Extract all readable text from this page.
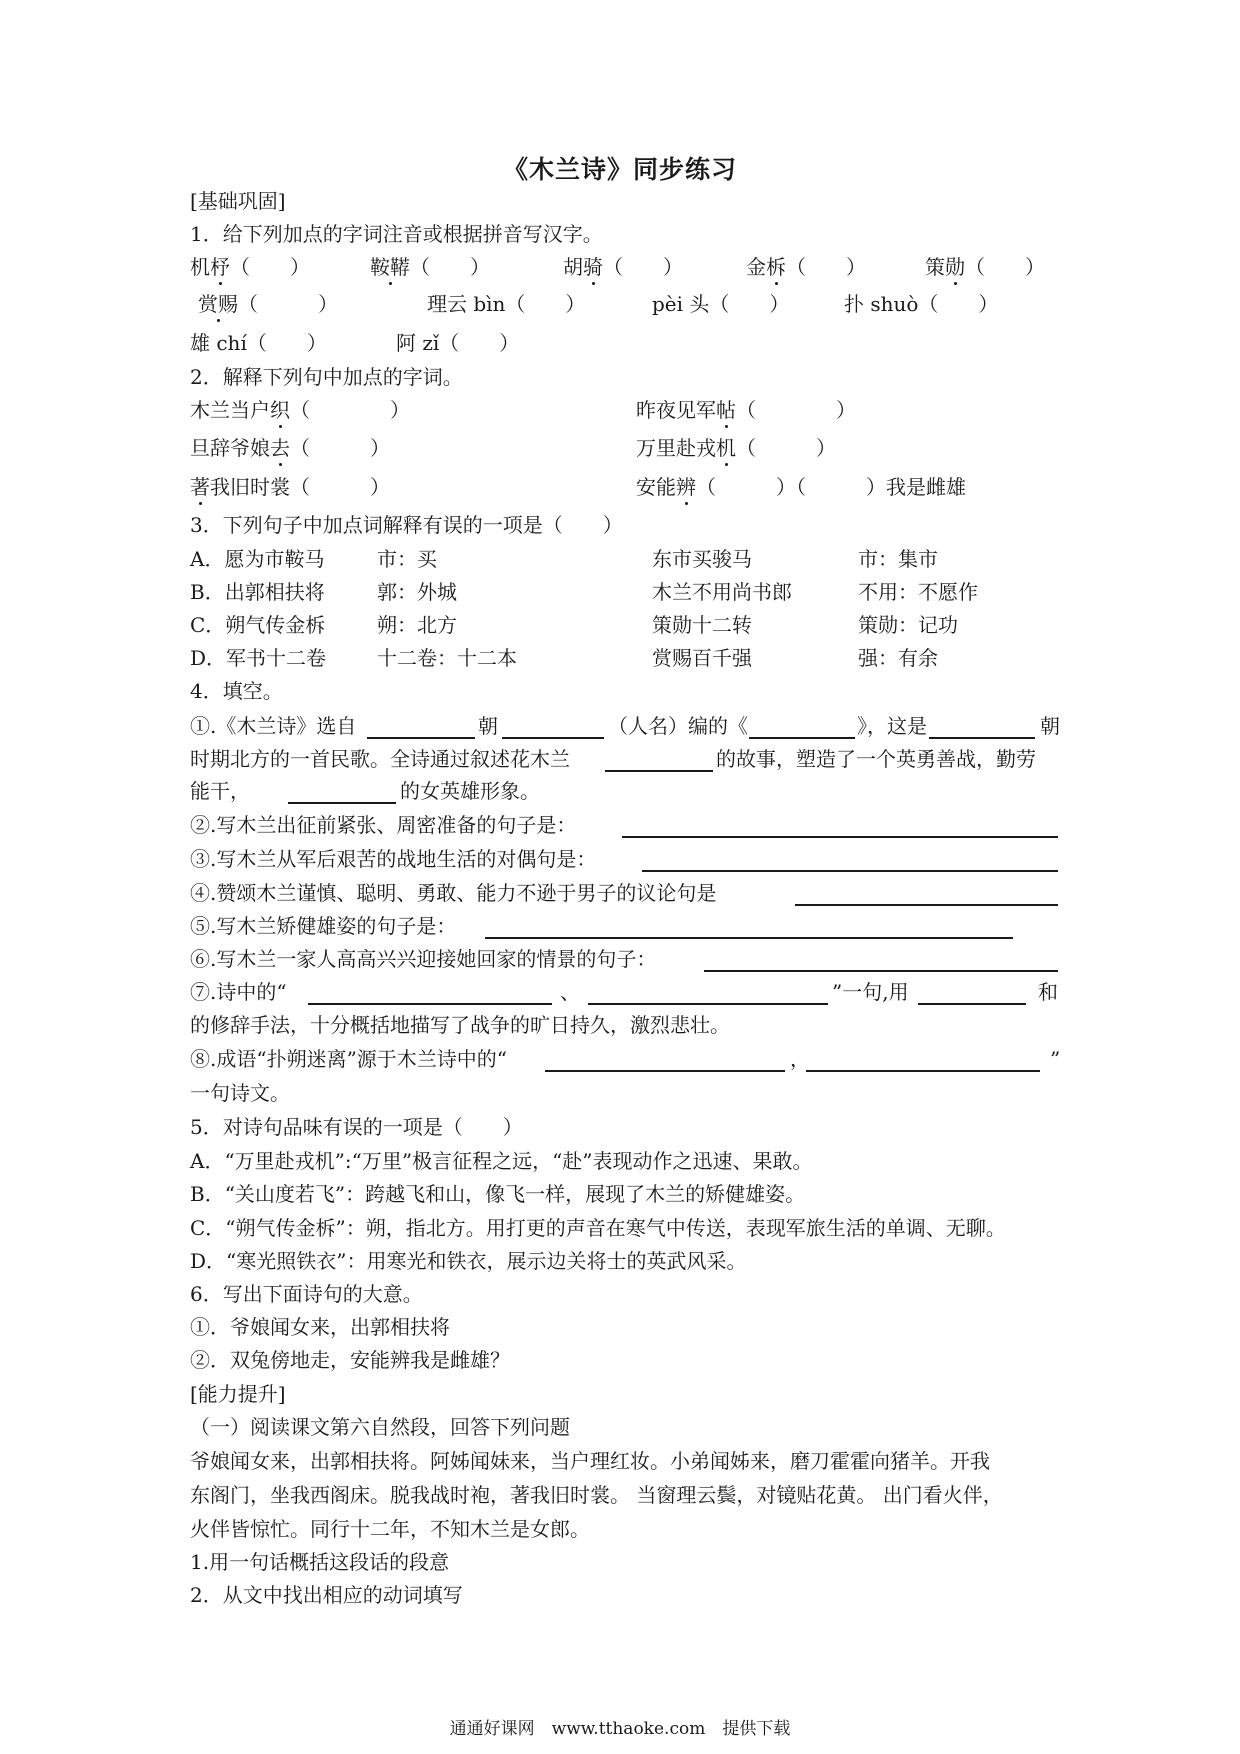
《木兰诗》同步练习
[基础巩固]
1．给下列加点的字词注音或根据拼音写汉字。
机杼（　　）	鞍鞯（　　）	胡骑（　　）	金柝（　　）	策勋（　　）
赏赐（　　　）	理云 bìn（　　）	pèi 头（　　）	扑 shuò（　　）
雄 chí（　　）	阿 zǐ（　　）
2．解释下列句中加点的字词。
木兰当户织（　　　　）	昨夜见军帖（　　　　）
旦辞爷娘去（　　　）	万里赴戎机（　　　）
著我旧时裳（　　　）	安能辨（　　　）（　　　）我是雌雄
3．下列句子中加点词解释有误的一项是（　　）
A．愿为市鞍马	市：买	东市买骏马	市：集市
B．出郭相扶将	郭：外城	木兰不用尚书郎	不用：不愿作
C．朔气传金柝	朔：北方	策勋十二转	策勋：记功
D．军书十二卷	十二卷：十二本	赏赐百千强	强：有余
4．填空。
①.《木兰诗》选自	朝	（人名）编的《	》，这是	朝
时期北方的一首民歌。全诗通过叙述花木兰	的故事，塑造了一个英勇善战，勤劳
能干，	的女英雄形象。
②.写木兰出征前紧张、周密准备的句子是：
③.写木兰从军后艰苦的战地生活的对偶句是：
④.赞颂木兰谨慎、聪明、勇敢、能力不逊于男子的议论句是
⑤.写木兰矫健雄姿的句子是：
⑥.写木兰一家人高高兴兴迎接她回家的情景的句子：
⑦.诗中的“	、	”一句,用	和
的修辞手法，十分概括地描写了战争的旷日持久，激烈悲壮。
⑧.成语“扑朔迷离”源于木兰诗中的“	，	”
一句诗文。
5．对诗句品味有误的一项是（　　）
A．“万里赴戎机”:“万里”极言征程之远，“赴”表现动作之迅速、果敢。
B．“关山度若飞”：跨越飞和山，像飞一样，展现了木兰的矫健雄姿。
C．“朔气传金柝”：朔，指北方。用打更的声音在寒气中传送，表现军旅生活的单调、无聊。
D．“寒光照铁衣”：用寒光和铁衣，展示边关将士的英武风采。
6．写出下面诗句的大意。
①．爷娘闻女来，出郭相扶将
②．双兔傍地走，安能辨我是雌雄？
[能力提升]
（一）阅读课文第六自然段，回答下列问题
爷娘闻女来，出郭相扶将。阿姊闻妹来，当户理红妆。小弟闻姊来，磨刀霍霍向猪羊。开我
东阁门，坐我西阁床。脱我战时袍，著我旧时裳。 当窗理云鬓，对镜贴花黄。 出门看火伴，
火伴皆惊忙。同行十二年，不知木兰是女郎。
1.用一句话概括这段话的段意
2．从文中找出相应的动词填写
通通好课网　www.tthaoke.com　提供下载
